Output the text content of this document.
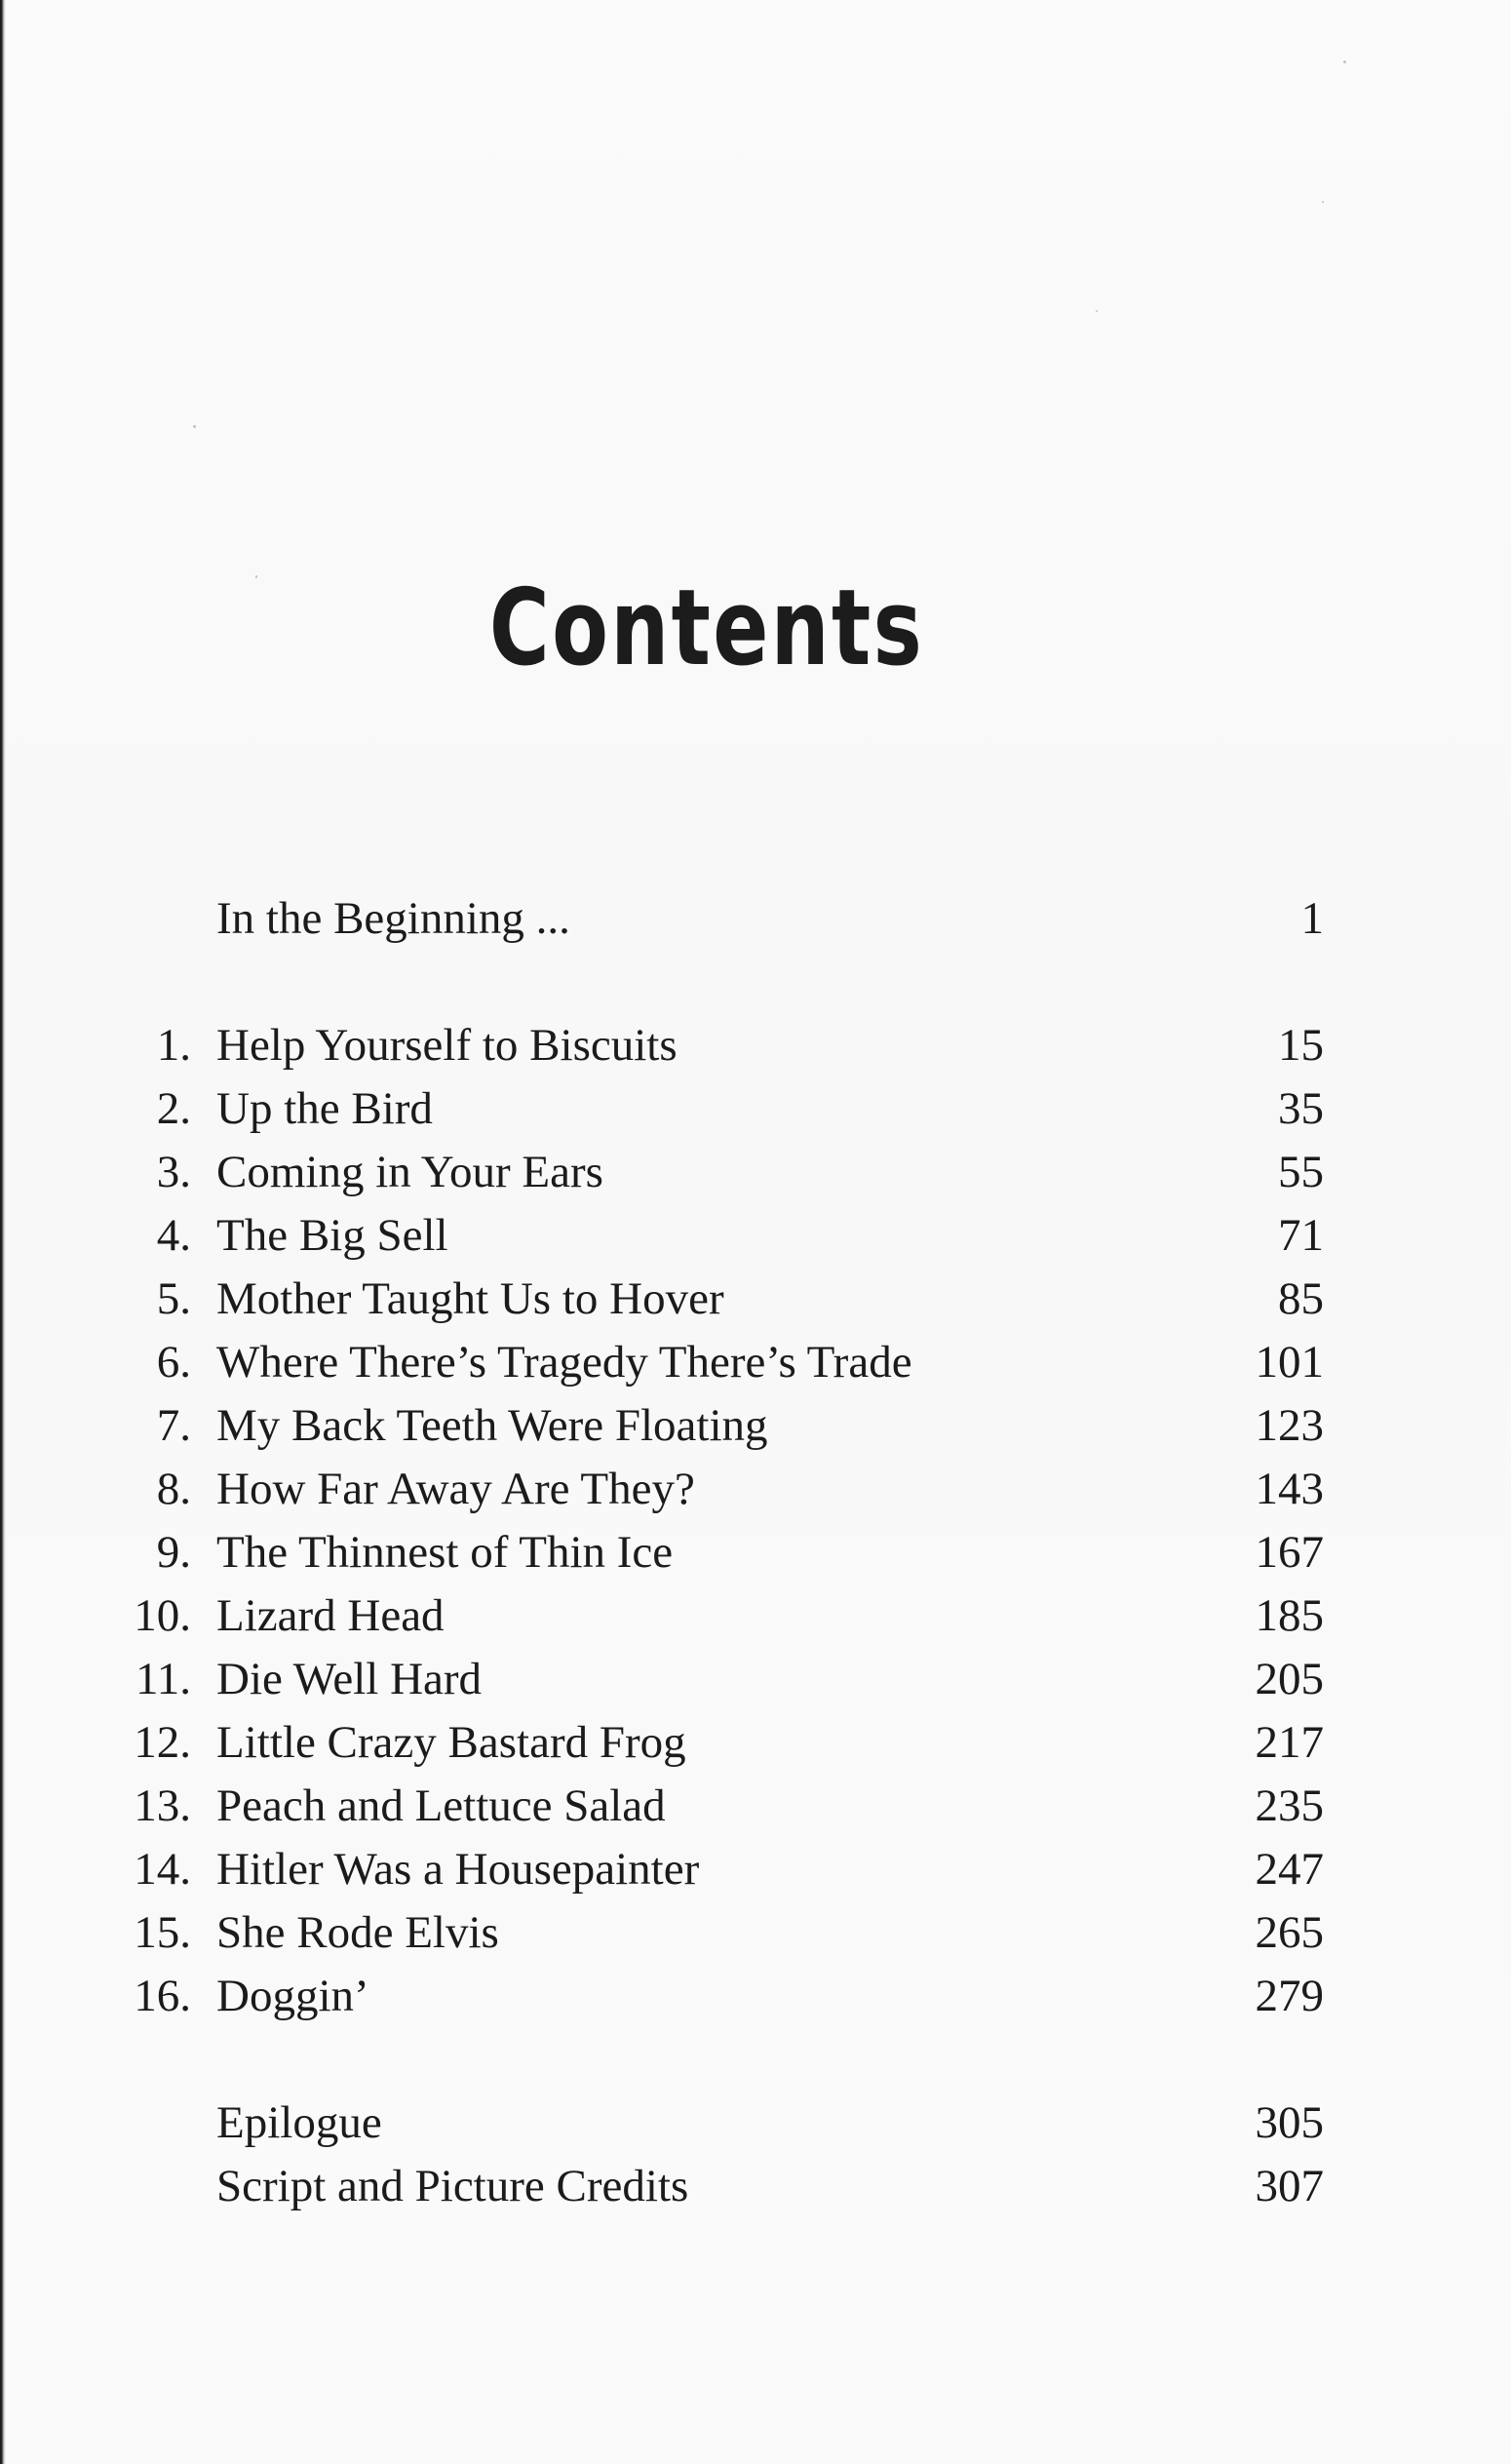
Contents
In the Beginning ...	1
1. Help Yourself to Biscuits	15
2. Up the Bird	35
3. Coming in Your Ears	55
4. The Big Sell	71
5. Mother Taught Us to Hover	85
6. Where There’s Tragedy There’s Trade	101
7. My Back Teeth Were Floating	123
8. How Far Away Are They?	143
9. The Thinnest of Thin Ice	167
10. Lizard Head	185
11. Die Well Hard	205
12. Little Crazy Bastard Frog	217
13. Peach and Lettuce Salad	235
14. Hitler Was a Housepainter	247
15. She Rode Elvis	265
16. Doggin’	279
Epilogue	305
Script and Picture Credits	307
